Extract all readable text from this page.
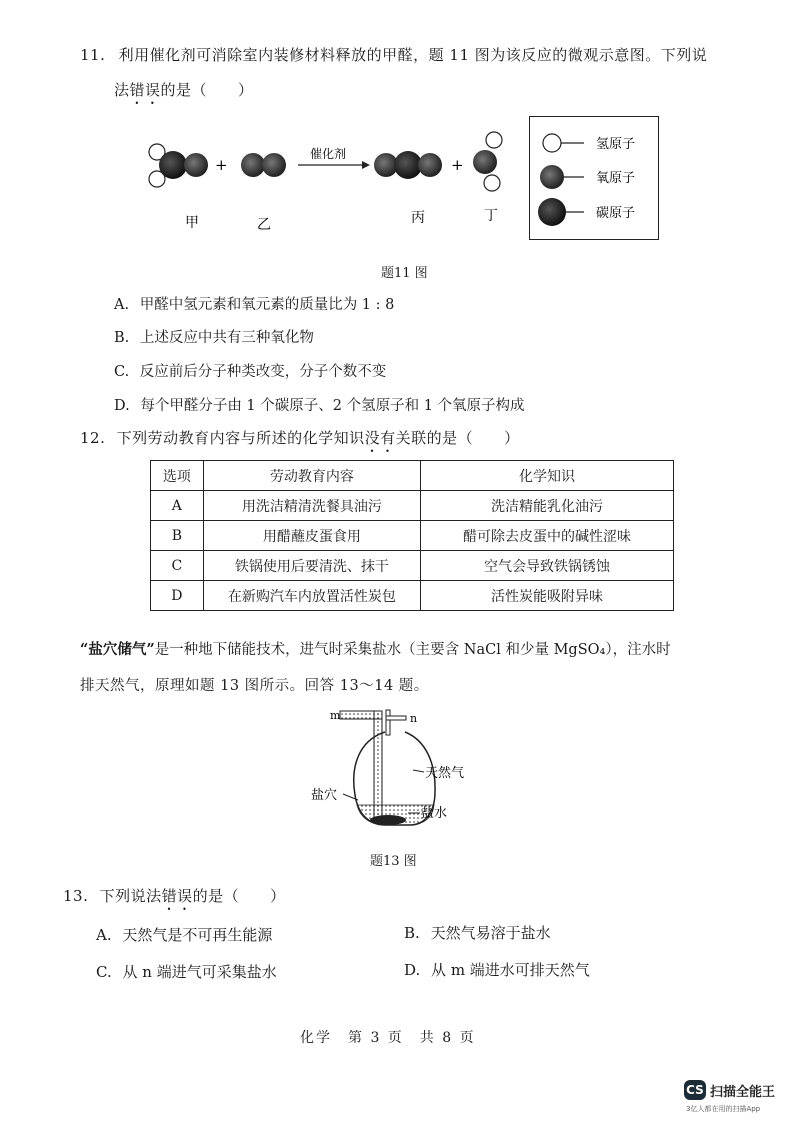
11. 利用催化剂可消除室内装修材料释放的甲醛，题 11 图为该反应的微观示意图。下列说
法错误的是（　　）
+
催化剂
+
甲	乙	丙	丁
氢原子
氧原子
碳原子
题11 图
A. 甲醛中氢元素和氧元素的质量比为 1 : 8
B. 上述反应中共有三种氧化物
C. 反应前后分子种类改变，分子个数不变
D. 每个甲醛分子由 1 个碳原子、2 个氢原子和 1 个氧原子构成
12. 下列劳动教育内容与所述的化学知识没有关联的是（　　）
选项	劳动教育内容	化学知识
A	用洗洁精清洗餐具油污	洗洁精能乳化油污
B	用醋蘸皮蛋食用	醋可除去皮蛋中的碱性涩味
C	铁锅使用后要清洗、抹干	空气会导致铁锅锈蚀
D	在新购汽车内放置活性炭包	活性炭能吸附异味
“盐穴储气”是一种地下储能技术，进气时采集盐水（主要含 NaCl 和少量 MgSO₄），注水时
排天然气，原理如题 13 图所示。回答 13～14 题。
m	n
天然气
盐穴
盐水
题13 图
13. 下列说法错误的是（　　）
A. 天然气是不可再生能源	B. 天然气易溶于盐水
C. 从 n 端进气可采集盐水	D. 从 m 端进水可排天然气
化学　第 3 页　共 8 页
CS 扫描全能王
3亿人都在用的扫描App
